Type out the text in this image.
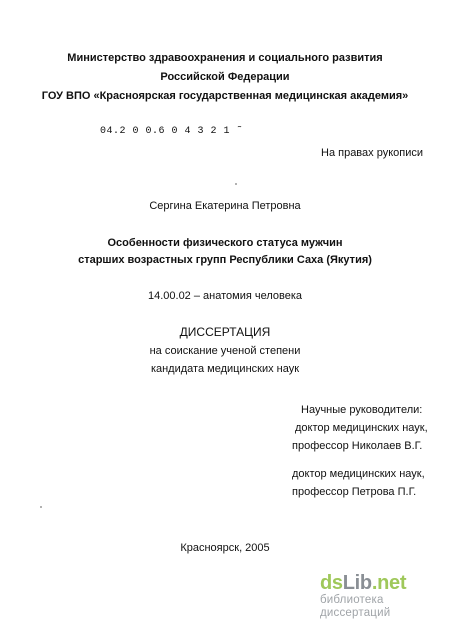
Министерство здравоохранения и социального развития
Российской Федерации
ГОУ ВПО «Красноярская государственная медицинская академия»
04.2 0 0.6 0 4 3 2 1 ˜
На правах рукописи
Сергина Екатерина Петровна
Особенности физического статуса мужчин
старших возрастных групп Республики Саха (Якутия)
14.00.02 – анатомия человека
ДИССЕРТАЦИЯ
на соискание ученой степени
кандидата медицинских наук
Научные руководители:
доктор медицинских наук,
профессор Николаев В.Г.
доктор медицинских наук,
профессор Петрова П.Г.
Красноярск, 2005
dsLib.net
библиотека диссертаций
